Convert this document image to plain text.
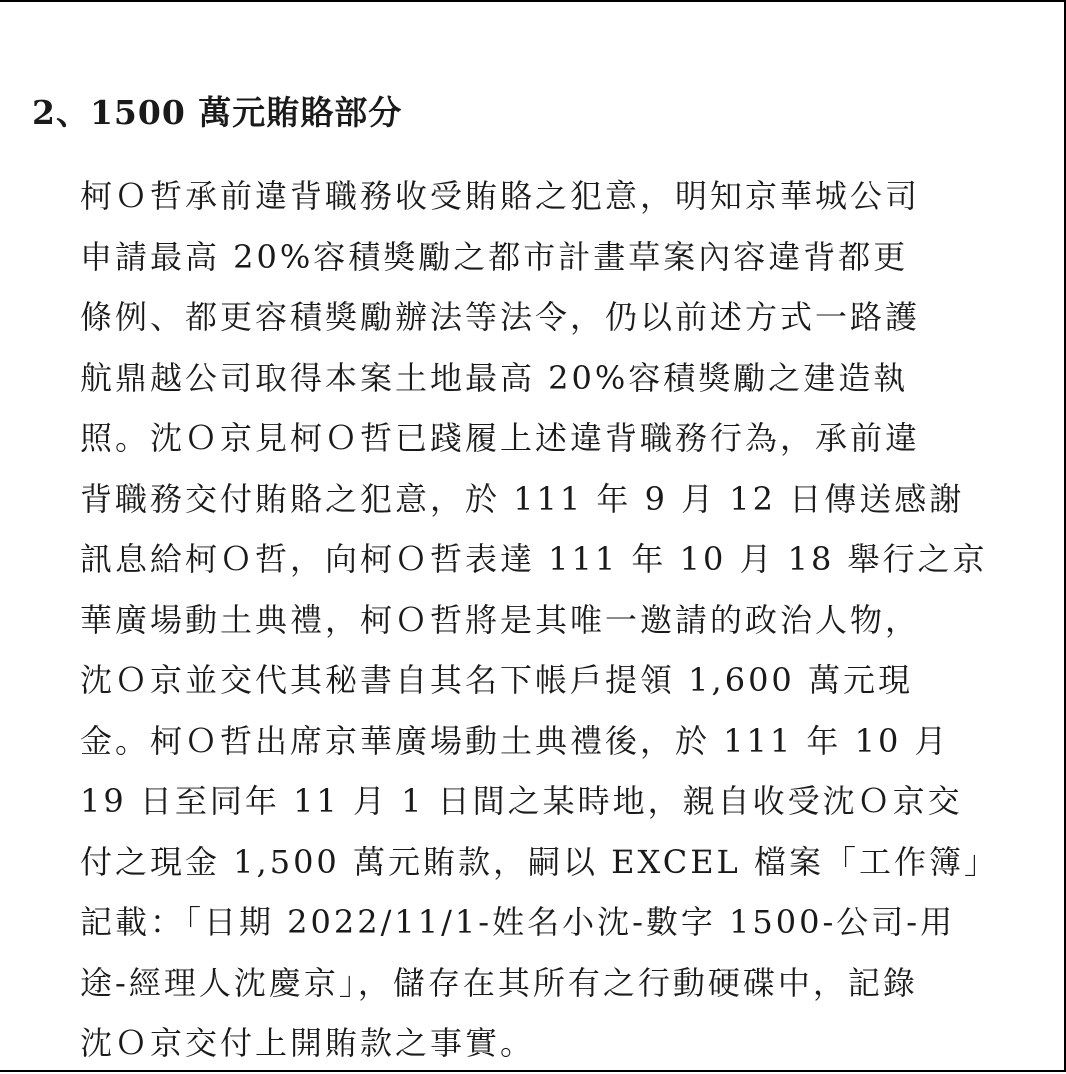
2、1500 萬元賄賂部分
柯Ｏ哲承前違背職務收受賄賂之犯意，明知京華城公司
申請最高 20%容積獎勵之都市計畫草案內容違背都更
條例、都更容積獎勵辦法等法令，仍以前述方式一路護
航鼎越公司取得本案土地最高 20%容積獎勵之建造執
照。沈Ｏ京見柯Ｏ哲已踐履上述違背職務行為，承前違
背職務交付賄賂之犯意，於 111 年 9 月 12 日傳送感謝
訊息給柯Ｏ哲，向柯Ｏ哲表達 111 年 10 月 18 舉行之京
華廣場動土典禮，柯Ｏ哲將是其唯一邀請的政治人物，
沈Ｏ京並交代其秘書自其名下帳戶提領 1,600 萬元現
金。柯Ｏ哲出席京華廣場動土典禮後，於 111 年 10 月
19 日至同年 11 月 1 日間之某時地，親自收受沈Ｏ京交
付之現金 1,500 萬元賄款，嗣以 EXCEL 檔案「工作簿」
記載：「日期 2022/11/1-姓名小沈-數字 1500-公司-用
途-經理人沈慶京」，儲存在其所有之行動硬碟中，記錄
沈Ｏ京交付上開賄款之事實。
